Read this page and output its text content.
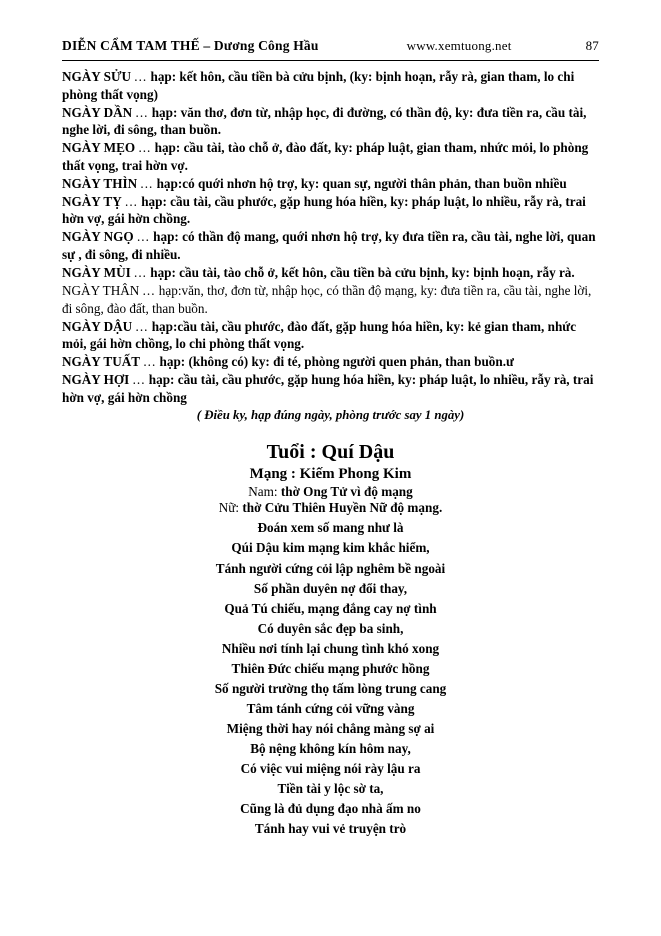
DIỄN CẨM TAM THẾ – Dương Công Hầu	www.xemtuong.net	87

NGÀY SỬU ... hạp: kết hôn, cầu tiền bà cửu bịnh, (ky: bịnh hoạn, rẫy rà, gian tham, lo chi phòng thất vọng)

NGÀY DẦN ... hạp: văn thơ, đơn từ, nhập học, đi đường, có thần độ, ky: đưa tiền ra, cầu tài, nghe lời, đi sông, than buồn.

NGÀY MẸO ... hạp: cầu tài, tào chỗ ở, đào đất, ky: pháp luật, gian tham, nhức mỏi, lo phòng thất vọng, trai hờn vợ.

NGÀY THÌN ... hạp:có quới nhơn hộ trợ, ky: quan sự, người thân phản, than buồn nhiều

NGÀY TỴ ... hạp: cầu tài, cầu phước, gặp hung hóa hiền, ky: pháp luật, lo nhiều, rẫy rà, trai hờn vợ, gái hờn chồng.

NGÀY NGỌ ... hạp: có thần độ mang, quới nhơn hộ trợ, ky đưa tiền ra, cầu tài, nghe lời, quan sự , đi sông, đi nhiều.

NGÀY MÙI ... hạp: cầu tài, tào chỗ ở, kết hôn, cầu tiền bà cửu bịnh, ky: bịnh hoạn, rẫy rà.

NGÀY THÂN ... hạp:văn, thơ, đơn từ, nhập học, có thần độ mạng, ky: đưa tiền ra, cầu tài, nghe lời, đi sông, đào đất, than buồn.

NGÀY DẬU ... hạp:cầu tài, cầu phước, đào đất, gặp hung hóa hiền, ky: kẻ gian tham, nhức mỏi, gái hờn chồng, lo chi phòng thất vọng.

NGÀY TUẤT ... hạp: (không có) ky: đi té, phòng người quen phản, than buồn.ư

NGÀY HỢI ... hạp: cầu tài, cầu phước, gặp hung hóa hiền, ky: pháp luật, lo nhiều, rẫy rà, trai hờn vợ, gái hờn chồng

( Điều ky, hạp đúng ngày, phòng trước say 1 ngày)
Tuổi : Quí Dậu
Mạng : Kiếm Phong Kim
Nam: thờ Ong Tử vì độ mạng
Nữ: thờ Cửu Thiên Huyền Nữ độ mạng.
Đoán xem số mang như là
Qúi Dậu kim mạng kim khắc hiểm,
Tánh người cứng cỏi lập nghêm bề ngoài
Số phần duyên nợ đổi thay,
Quả Tú chiếu, mạng đắng cay nợ tình
Có duyên sắc đẹp ba sinh,
Nhiều nơi tính lại chung tình khó xong
Thiên Đức chiếu mạng phước hồng
Số người trường thọ tấm lòng trung cang
Tâm tánh cứng cỏi vững vàng
Miệng thời hay nói chẳng màng sợ ai
Bộ nệng không kín hôm nay,
Có việc vui miệng nói rày lậu ra
Tiền tài y lộc sờ ta,
Cũng là đủ dụng đạo nhà ấm no
Tánh hay vui vẻ truyện trò
